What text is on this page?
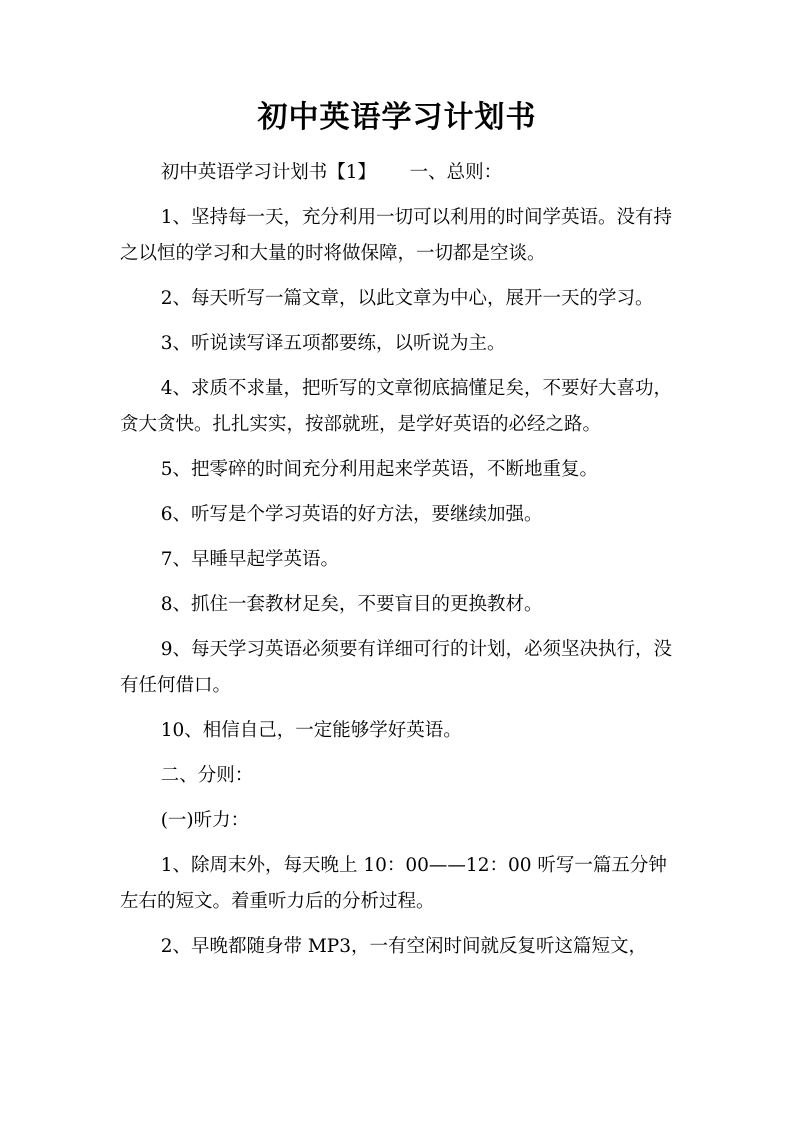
初中英语学习计划书

初中英语学习计划书【1】　　 一、总则：

1、坚持每一天，充分利用一切可以利用的时间学英语。没有持之以恒的学习和大量的时将做保障，一切都是空谈。

2、每天听写一篇文章，以此文章为中心，展开一天的学习。

3、听说读写译五项都要练，以听说为主。

4、求质不求量，把听写的文章彻底搞懂足矣，不要好大喜功，贪大贪快。扎扎实实，按部就班，是学好英语的必经之路。

5、把零碎的时间充分利用起来学英语，不断地重复。

6、听写是个学习英语的好方法，要继续加强。

7、早睡早起学英语。

8、抓住一套教材足矣，不要盲目的更换教材。

9、每天学习英语必须要有详细可行的计划，必须坚决执行，没有任何借口。

10、相信自己，一定能够学好英语。

二、分则：

(一)听力：

1、除周末外，每天晚上 10：00——12：00 听写一篇五分钟左右的短文。着重听力后的分析过程。

2、早晚都随身带 MP3，一有空闲时间就反复听这篇短文，
